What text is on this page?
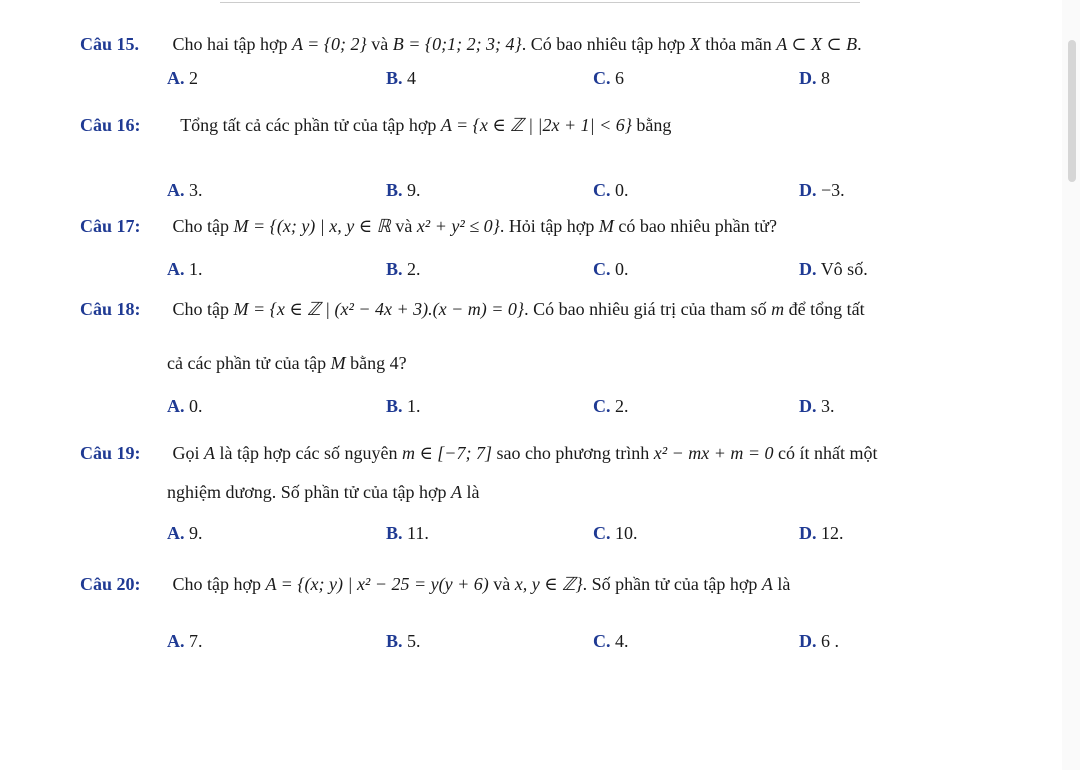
Câu 15. Cho hai tập hợp A = {0; 2} và B = {0;1; 2; 3; 4}. Có bao nhiêu tập hợp X thỏa mãn A ⊂ X ⊂ B.
A. 2	B. 4	C. 6	D. 8
Câu 16: Tổng tất cả các phần tử của tập hợp A = {x ∈ ℤ | |2x + 1| < 6} bằng
A. 3.	B. 9.	C. 0.	D. −3.
Câu 17: Cho tập M = {(x; y) | x, y ∈ ℝ và x² + y² ≤ 0}. Hỏi tập hợp M có bao nhiêu phần tử?
A. 1.	B. 2.	C. 0.	D. Vô số.
Câu 18: Cho tập M = {x ∈ ℤ | (x² − 4x + 3).(x − m) = 0}. Có bao nhiêu giá trị của tham số m để tổng tất
cả các phần tử của tập M bằng 4?
A. 0.	B. 1.	C. 2.	D. 3.
Câu 19: Gọi A là tập hợp các số nguyên m ∈ [−7; 7] sao cho phương trình x² − mx + m = 0 có ít nhất một
nghiệm dương. Số phần tử của tập hợp A là
A. 9.	B. 11.	C. 10.	D. 12.
Câu 20: Cho tập hợp A = {(x; y) | x² − 25 = y(y + 6) và x, y ∈ ℤ}. Số phần tử của tập hợp A là
A. 7.	B. 5.	C. 4.	D. 6 .
